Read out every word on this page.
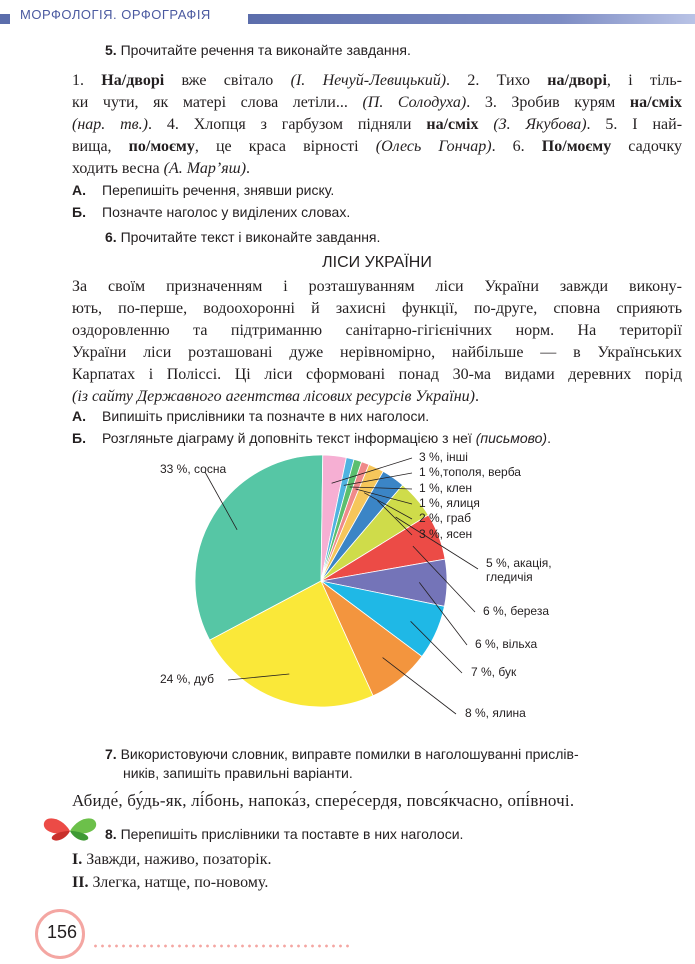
МОРФОЛОГІЯ. ОРФОГРАФІЯ
5. Прочитайте речення та виконайте завдання.
1. На/дворі вже світало (І. Нечуй-Левицький). 2. Тихо на/дворі, і тіль-
ки чути, як матері слова летіли... (П. Солодуха). 3. Зробив курям на/сміх
(нар. тв.). 4. Хлопця з гарбузом підняли на/сміх (З. Якубова). 5. І най-
вища, по/моєму, це краса вірності (Олесь Гончар). 6. По/моєму садочку
ходить весна (А. Мар’яш).
А. Перепишіть речення, знявши риску.
Б. Позначте наголос у виділених словах.
6. Прочитайте текст і виконайте завдання.
ЛІСИ УКРАЇНИ
За своїм призначенням і розташуванням ліси України завжди викону-
ють, по-перше, водоохоронні й захисні функції, по-друге, сповна сприяють
оздоровленню та підтриманню санітарно-гігієнічних норм. На території
України ліси розташовані дуже нерівномірно, найбільше — в Українських
Карпатах і Поліссі. Ці ліси сформовані понад 30-ма видами деревних порід
(із сайту Державного агентства лісових ресурсів України).
А. Випишіть прислівники та позначте в них наголоси.
Б. Розгляньте діаграму й доповніть текст інформацією з неї (письмово).
33 %, сосна
3 %, інші
1 %,тополя, верба
1 %, клен
1 %, ялиця
2 %, граб
3 %, ясен
5 %, акація,
гледичія
6 %, береза
6 %, вільха
7 %, бук
8 %, ялина
24 %, дуб
7. Використовуючи словник, виправте помилки в наголошуванні прислів-
ників, запишіть правильні варіанти.
Абиде́, бу́дь-як, лі́бонь, напока́з, спере́сердя, повся́кчасно, опі́вночі.
8. Перепишіть прислівники та поставте в них наголоси.
I. Завжди, наживо, позаторік.
II. Злегка, натще, по-новому.
156
